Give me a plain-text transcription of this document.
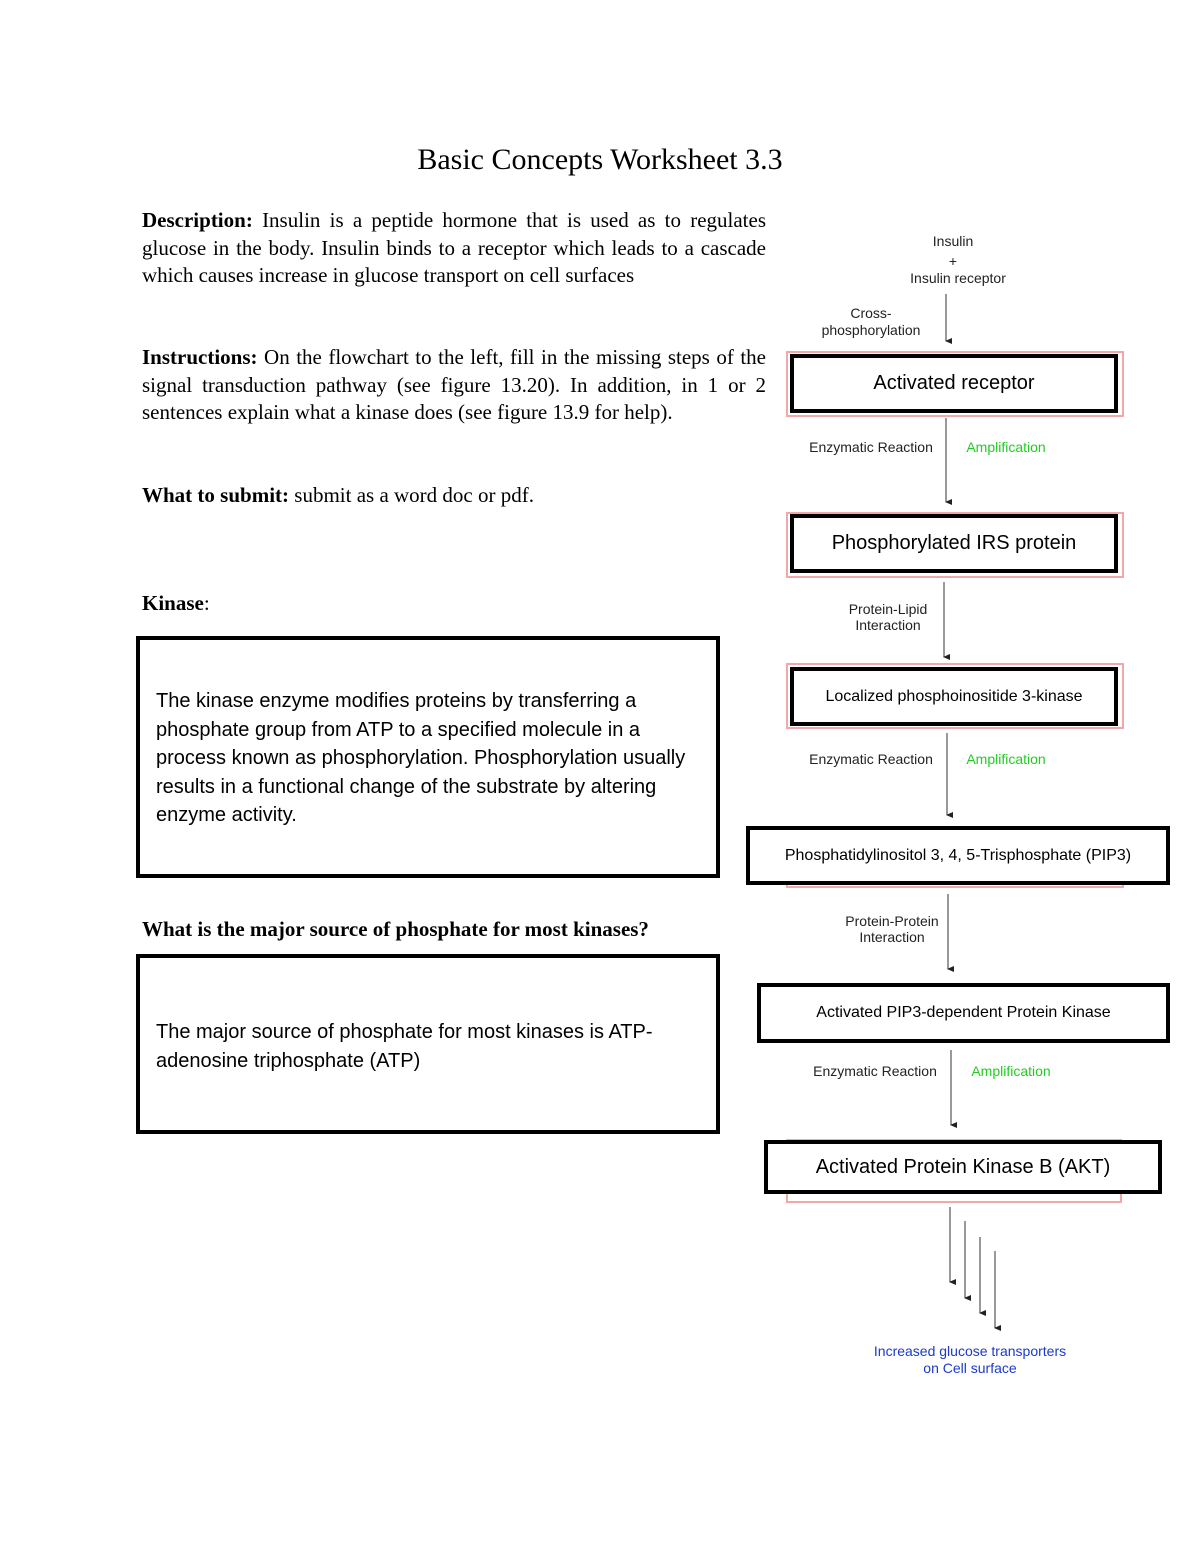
Basic Concepts Worksheet 3.3
Description: Insulin is a peptide hormone that is used as to regulates glucose in the body. Insulin binds to a receptor which leads to a cascade which causes increase in glucose transport on cell surfaces
Instructions: On the flowchart to the left, fill in the missing steps of the signal transduction pathway (see figure 13.20). In addition, in 1 or 2 sentences explain what a kinase does (see figure 13.9 for help).
What to submit: submit as a word doc or pdf.
Kinase:
The kinase enzyme modifies proteins by transferring a phosphate group from ATP to a specified molecule in a process known as phosphorylation. Phosphorylation usually results in a functional change of the substrate by altering enzyme activity.
What is the major source of phosphate for most kinases?
The major source of phosphate for most kinases is ATP- adenosine triphosphate (ATP)
Insulin
+
Insulin receptor
Cross-
phosphorylation
Activated receptor
Enzymatic Reaction	Amplification
Phosphorylated IRS protein
Protein-Lipid
Interaction
Localized phosphoinositide 3-kinase
Enzymatic Reaction	Amplification
Phosphatidylinositol 3, 4, 5-Trisphosphate (PIP3)
Protein-Protein
Interaction
Activated PIP3-dependent Protein Kinase
Enzymatic Reaction	Amplification
Activated Protein Kinase B (AKT)
Increased glucose transporters
on Cell surface
